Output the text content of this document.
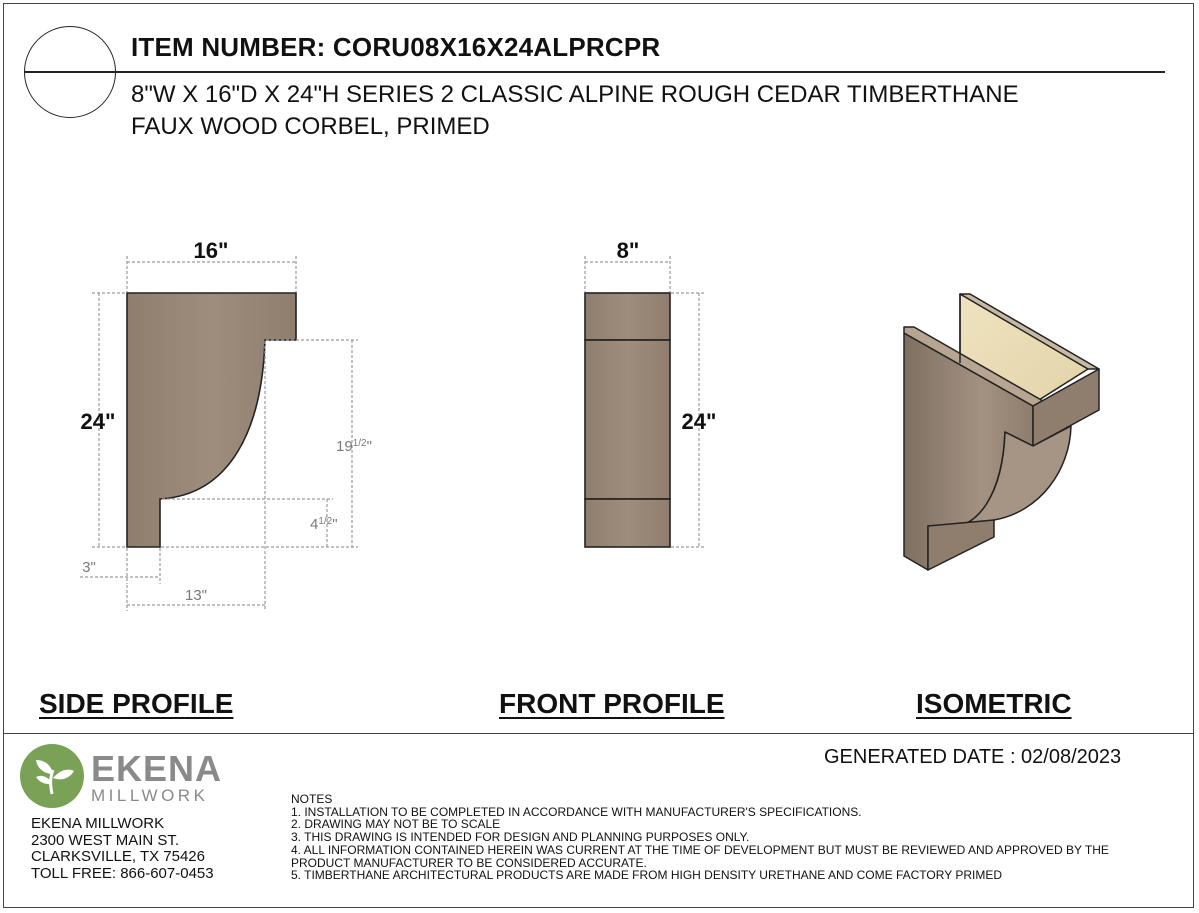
ITEM NUMBER: CORU08X16X24ALPRCPR
8"W X 16"D X 24"H SERIES 2 CLASSIC ALPINE ROUGH CEDAR TIMBERTHANE
FAUX WOOD CORBEL, PRIMED
16"
24"
$19^{1/2}$"
$4^{1/2}$"
3"
13"
8"
24"
SIDE PROFILE	FRONT PROFILE	ISOMETRIC
EKENA
MILLWORK
EKENA MILLWORK
2300 WEST MAIN ST.
CLARKSVILLE, TX 75426
TOLL FREE: 866-607-0453
GENERATED DATE : 02/08/2023
NOTES
1. INSTALLATION TO BE COMPLETED IN ACCORDANCE WITH MANUFACTURER'S SPECIFICATIONS.
2. DRAWING MAY NOT BE TO SCALE
3. THIS DRAWING IS INTENDED FOR DESIGN AND PLANNING PURPOSES ONLY.
4. ALL INFORMATION CONTAINED HEREIN WAS CURRENT AT THE TIME OF DEVELOPMENT BUT MUST BE REVIEWED AND APPROVED BY THE
PRODUCT MANUFACTURER TO BE CONSIDERED ACCURATE.
5. TIMBERTHANE ARCHITECTURAL PRODUCTS ARE MADE FROM HIGH DENSITY URETHANE AND COME FACTORY PRIMED
